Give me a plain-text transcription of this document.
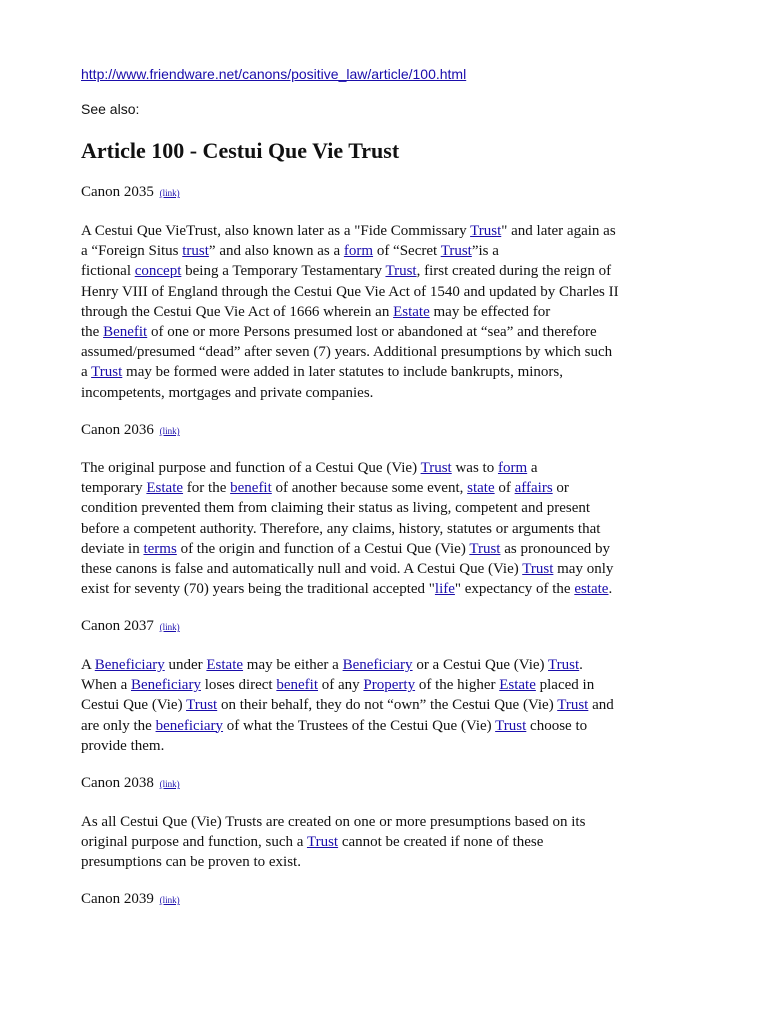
http://www.friendware.net/canons/positive_law/article/100.html
See also:
Article 100 - Cestui Que Vie Trust
Canon 2035 (link)
A Cestui Que VieTrust, also known later as a "Fide Commissary Trust" and later again as
a “Foreign Situs trust” and also known as a form of “Secret Trust”is a
fictional concept being a Temporary Testamentary Trust, first created during the reign of
Henry VIII of England through the Cestui Que Vie Act of 1540 and updated by Charles II
through the Cestui Que Vie Act of 1666 wherein an Estate may be effected for
the Benefit of one or more Persons presumed lost or abandoned at “sea” and therefore
assumed/presumed “dead” after seven (7) years. Additional presumptions by which such
a Trust may be formed were added in later statutes to include bankrupts, minors,
incompetents, mortgages and private companies.
Canon 2036 (link)
The original purpose and function of a Cestui Que (Vie) Trust was to form a
temporary Estate for the benefit of another because some event, state of affairs or
condition prevented them from claiming their status as living, competent and present
before a competent authority. Therefore, any claims, history, statutes or arguments that
deviate in terms of the origin and function of a Cestui Que (Vie) Trust as pronounced by
these canons is false and automatically null and void. A Cestui Que (Vie) Trust may only
exist for seventy (70) years being the traditional accepted "life" expectancy of the estate.
Canon 2037 (link)
A Beneficiary under Estate may be either a Beneficiary or a Cestui Que (Vie) Trust.
When a Beneficiary loses direct benefit of any Property of the higher Estate placed in
Cestui Que (Vie) Trust on their behalf, they do not “own” the Cestui Que (Vie) Trust and
are only the beneficiary of what the Trustees of the Cestui Que (Vie) Trust choose to
provide them.
Canon 2038 (link)
As all Cestui Que (Vie) Trusts are created on one or more presumptions based on its
original purpose and function, such a Trust cannot be created if none of these
presumptions can be proven to exist.
Canon 2039 (link)
